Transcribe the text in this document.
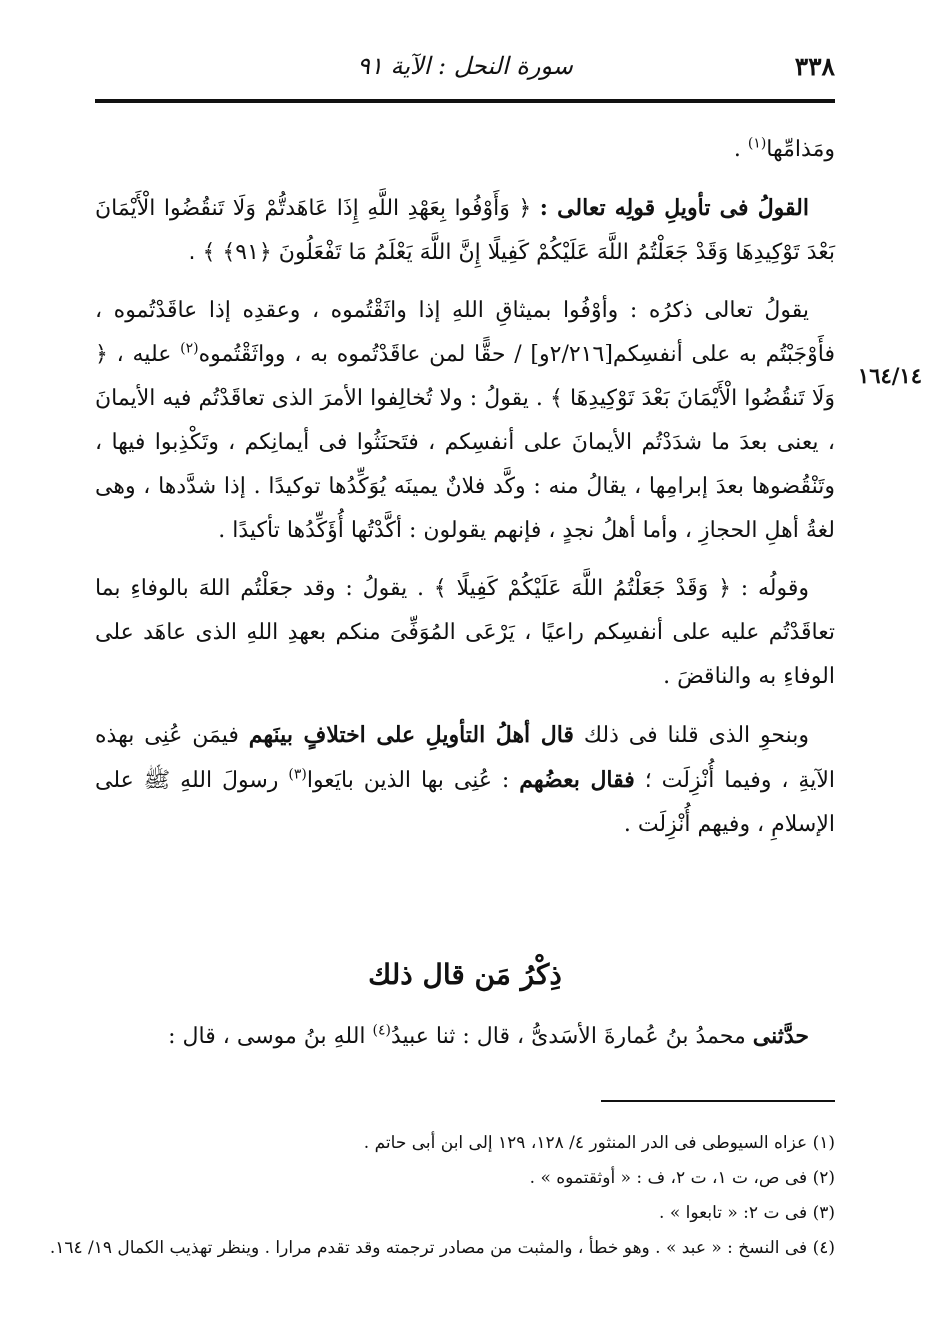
٣٣٨
سورة النحل : الآية ٩١
١٦٤/١٤

ومَذامِّها$^{(١)}$ .

القولُ فى تأويلِ قولِه تعالى : ﴿ وَأَوْفُوا بِعَهْدِ اللَّهِ إِذَا عَاهَدتُّمْ وَلَا تَنقُضُوا الْأَيْمَانَ بَعْدَ تَوْكِيدِهَا وَقَدْ جَعَلْتُمُ اللَّهَ عَلَيْكُمْ كَفِيلًا إِنَّ اللَّهَ يَعْلَمُ مَا تَفْعَلُونَ ﴿٩١﴾ ﴾ .

يقولُ تعالى ذكرُه : وأوْفُوا بميثاقِ اللهِ إذا واثَقْتُموه ، وعقدِه إذا عاقَدْتُموه ، فأَوْجَبْتُم به على أنفسِكم[٢/٢١٦و] / حقًّا لمن عاقَدْتُموه به ، وواثَقْتُموه$^{(٢)}$ عليه ، ﴿ وَلَا تَنقُضُوا الْأَيْمَانَ بَعْدَ تَوْكِيدِهَا ﴾ . يقولُ : ولا تُخالِفوا الأمرَ الذى تعاقَدْتُم فيه الأيمانَ ، يعنى بعدَ ما شدَدْتُم الأيمانَ على أنفسِكم ، فتَحنَثُوا فى أيمانِكم ، وتَكْذِبوا فيها ، وتَنْقُضوها بعدَ إبرامِها ، يقالُ منه : وكَّد فلانٌ يمينَه يُوَكِّدُها توكيدًا . إذا شدَّدها ، وهى لغةُ أهلِ الحجازِ ، وأما أهلُ نجدٍ ، فإنهم يقولون : أكَّدْتُها أُؤَكِّدُها تأكيدًا .

وقولُه : ﴿ وَقَدْ جَعَلْتُمُ اللَّهَ عَلَيْكُمْ كَفِيلًا ﴾ . يقولُ : وقد جعَلْتُم اللهَ بالوفاءِ بما تعاقَدْتُم عليه على أنفسِكم راعيًا ، يَرْعَى المُوَفِّىَ منكم بعهدِ اللهِ الذى عاهَد على الوفاءِ به والناقضَ .

وبنحوِ الذى قلنا فى ذلك قال أهلُ التأويلِ على اختلافٍ بينَهم فيمَن عُنِى بهذه الآيةِ ، وفيما أُنْزِلَت ؛ فقال بعضُهم : عُنِى بها الذين بايَعوا$^{(٣)}$ رسولَ اللهِ ﷺ على الإسلامِ ، وفيهم أُنْزِلَت .

ذِكْرُ مَن قال ذلك
حدَّثنى محمدُ بنُ عُمارةَ الأسَدىُّ ، قال : ثنا عبيدُ$^{(٤)}$ اللهِ بنُ موسى ، قال :
(١) عزاه السيوطى فى الدر المنثور ٤/ ١٢٨، ١٢٩ إلى ابن أبى حاتم .
(٢) فى ص، ت ١، ت ٢، ف : « أوثقتموه » .
(٣) فى ت ٢: « تابعوا » .
(٤) فى النسخ : « عبد » . وهو خطأ ، والمثبت من مصادر ترجمته وقد تقدم مرارا . وينظر تهذيب الكمال ١٩/ ١٦٤.
